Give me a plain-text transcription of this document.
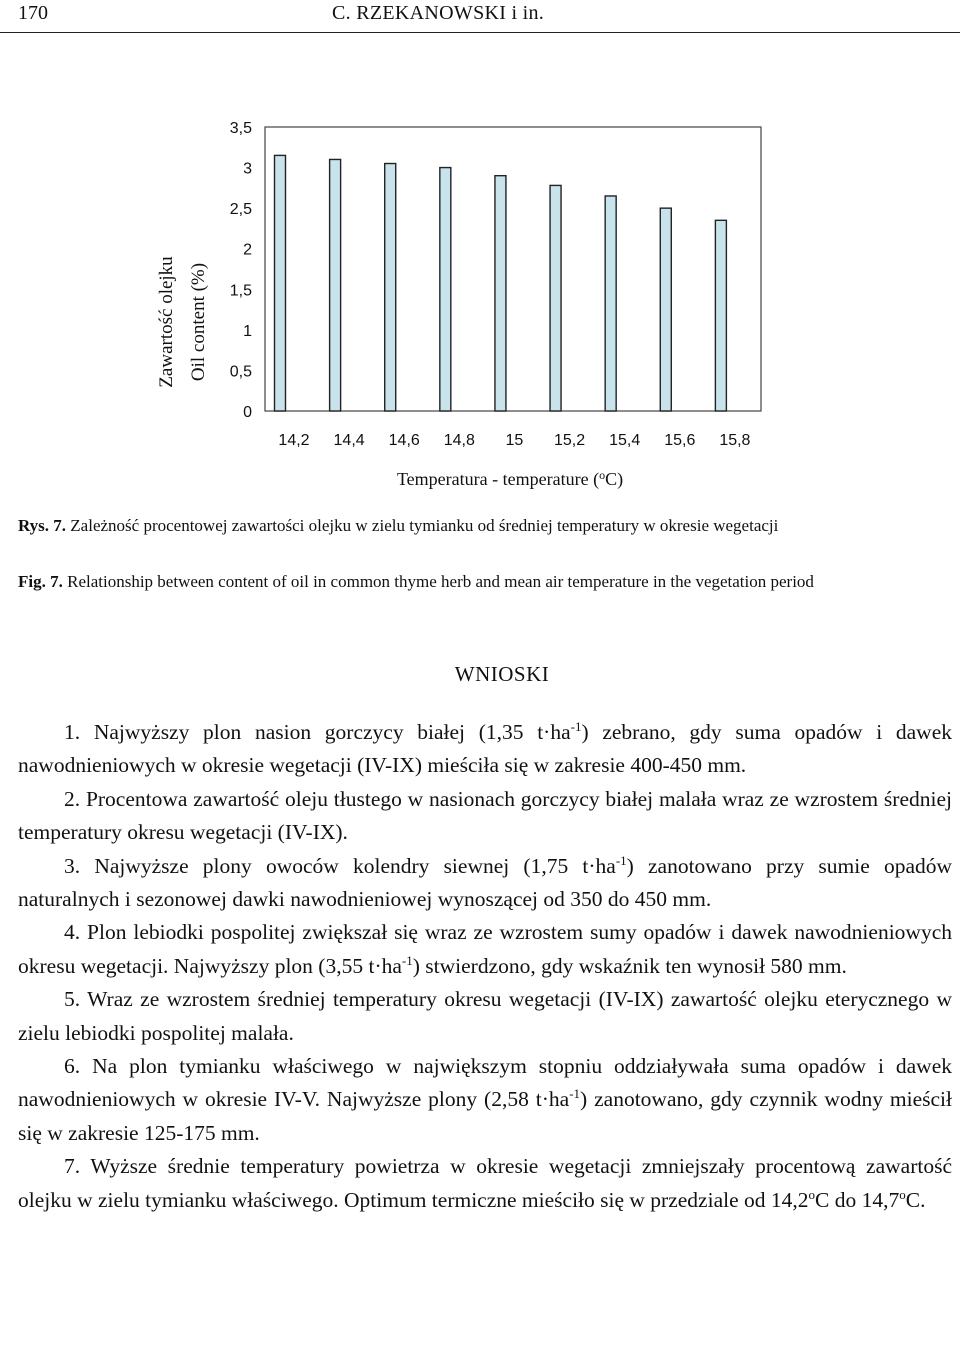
170	C. RZEKANOWSKI i in.
Zawartość olejku Oil content (%)
0
0,5
1
1,5
2
2,5
3
3,5
14,2 14,4 14,6 14,8 15 15,2 15,4 15,6 15,8
Temperatura - temperature ($^o$C)
Rys. 7. Zależność procentowej zawartości olejku w zielu tymianku od średniej temperatury w okresie wegetacji
Fig. 7. Relationship between content of oil in common thyme herb and mean air temperature in the vegetation period
WNIOSKI

1. Najwyższy plon nasion gorczycy białej (1,35 $t\cdot ha^{-1}$) zebrano, gdy suma opadów i dawek nawodnieniowych w okresie wegetacji (IV-IX) mieściła się w zakresie 400-450 mm.

2. Procentowa zawartość oleju tłustego w nasionach gorczycy białej malała wraz ze wzrostem średniej temperatury okresu wegetacji (IV-IX).

3. Najwyższe plony owoców kolendry siewnej (1,75 $t\cdot ha^{-1}$) zanotowano przy sumie opadów naturalnych i sezonowej dawki nawodnieniowej wynoszącej od 350 do 450 mm.

4. Plon lebiodki pospolitej zwiększał się wraz ze wzrostem sumy opadów i dawek nawodnieniowych okresu wegetacji. Najwyższy plon (3,55 $t\cdot ha^{-1}$) stwierdzono, gdy wskaźnik ten wynosił 580 mm.

5. Wraz ze wzrostem średniej temperatury okresu wegetacji (IV-IX) zawartość olejku eterycznego w zielu lebiodki pospolitej malała.

6. Na plon tymianku właściwego w największym stopniu oddziaływała suma opadów i dawek nawodnieniowych w okresie IV-V. Najwyższe plony (2,58 $t\cdot ha^{-1}$) zanotowano, gdy czynnik wodny mieścił się w zakresie 125-175 mm.

7. Wyższe średnie temperatury powietrza w okresie wegetacji zmniejszały procentową zawartość olejku w zielu tymianku właściwego. Optimum termiczne mieściło się w przedziale od 14,2$^o$C do 14,7$^o$C.
